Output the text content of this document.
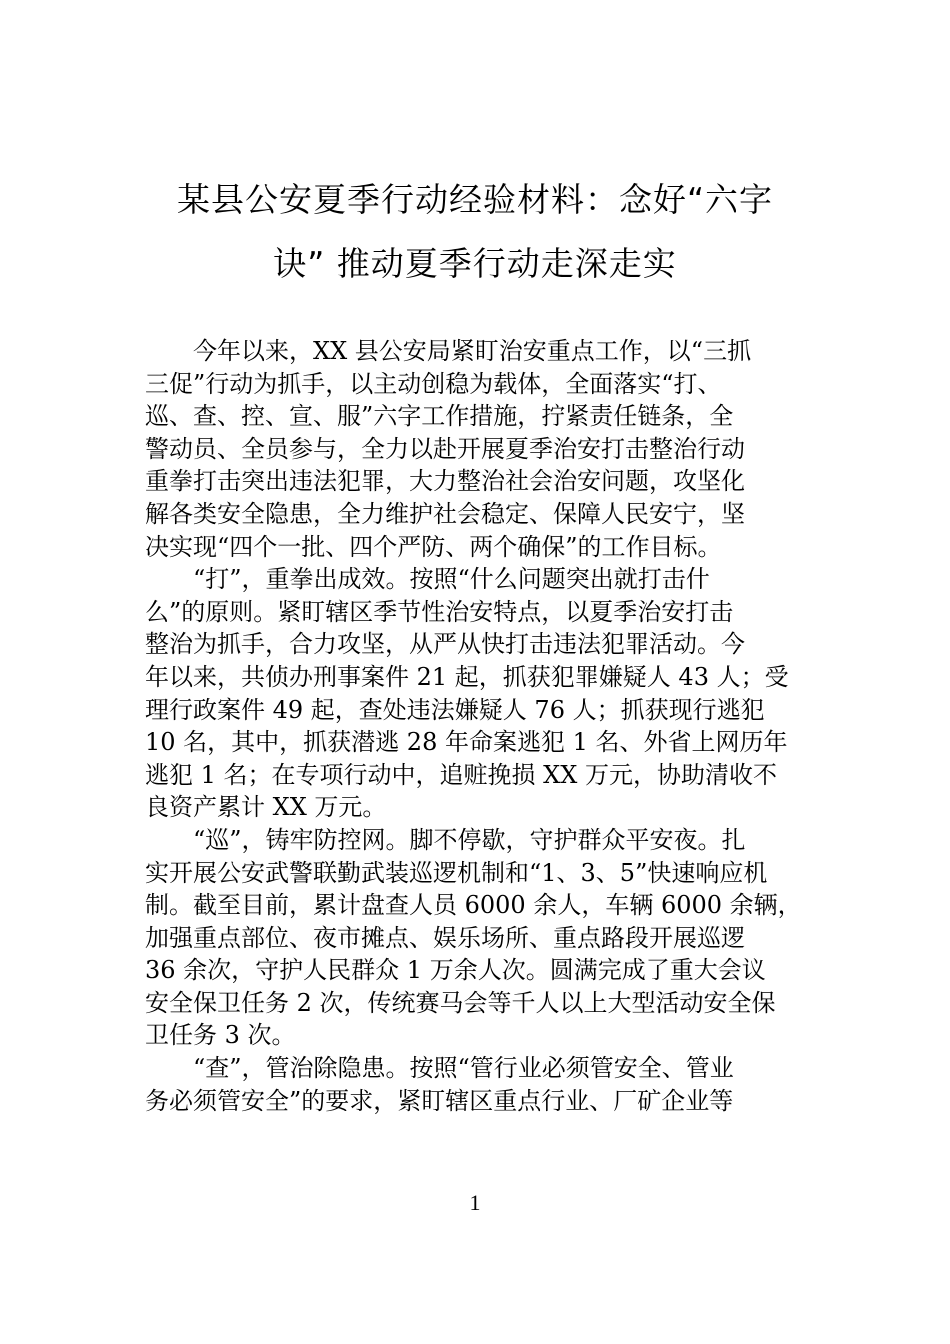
某县公安夏季行动经验材料：念好“六字
诀” 推动夏季行动走深走实

今年以来，XX 县公安局紧盯治安重点工作，以“三抓
三促”行动为抓手，以主动创稳为载体，全面落实“打、
巡、查、控、宣、服”六字工作措施，拧紧责任链条，全
警动员、全员参与，全力以赴开展夏季治安打击整治行动
重拳打击突出违法犯罪，大力整治社会治安问题，攻坚化
解各类安全隐患，全力维护社会稳定、保障人民安宁，坚
决实现“四个一批、四个严防、两个确保”的工作目标。

“打”，重拳出成效。按照“什么问题突出就打击什
么”的原则。紧盯辖区季节性治安特点，以夏季治安打击
整治为抓手，合力攻坚，从严从快打击违法犯罪活动。今
年以来，共侦办刑事案件 21 起，抓获犯罪嫌疑人 43 人；受
理行政案件 49 起，查处违法嫌疑人 76 人；抓获现行逃犯
10 名，其中，抓获潜逃 28 年命案逃犯 1 名、外省上网历年
逃犯 1 名；在专项行动中，追赃挽损 XX 万元，协助清收不
良资产累计 XX 万元。

“巡”，铸牢防控网。脚不停歇，守护群众平安夜。扎
实开展公安武警联勤武装巡逻机制和“1、3、5”快速响应机
制。截至目前，累计盘查人员 6000 余人，车辆 6000 余辆，
加强重点部位、夜市摊点、娱乐场所、重点路段开展巡逻
36 余次，守护人民群众 1 万余人次。圆满完成了重大会议
安全保卫任务 2 次，传统赛马会等千人以上大型活动安全保
卫任务 3 次。

“查”，管治除隐患。按照“管行业必须管安全、管业
务必须管安全”的要求，紧盯辖区重点行业、厂矿企业等

1
